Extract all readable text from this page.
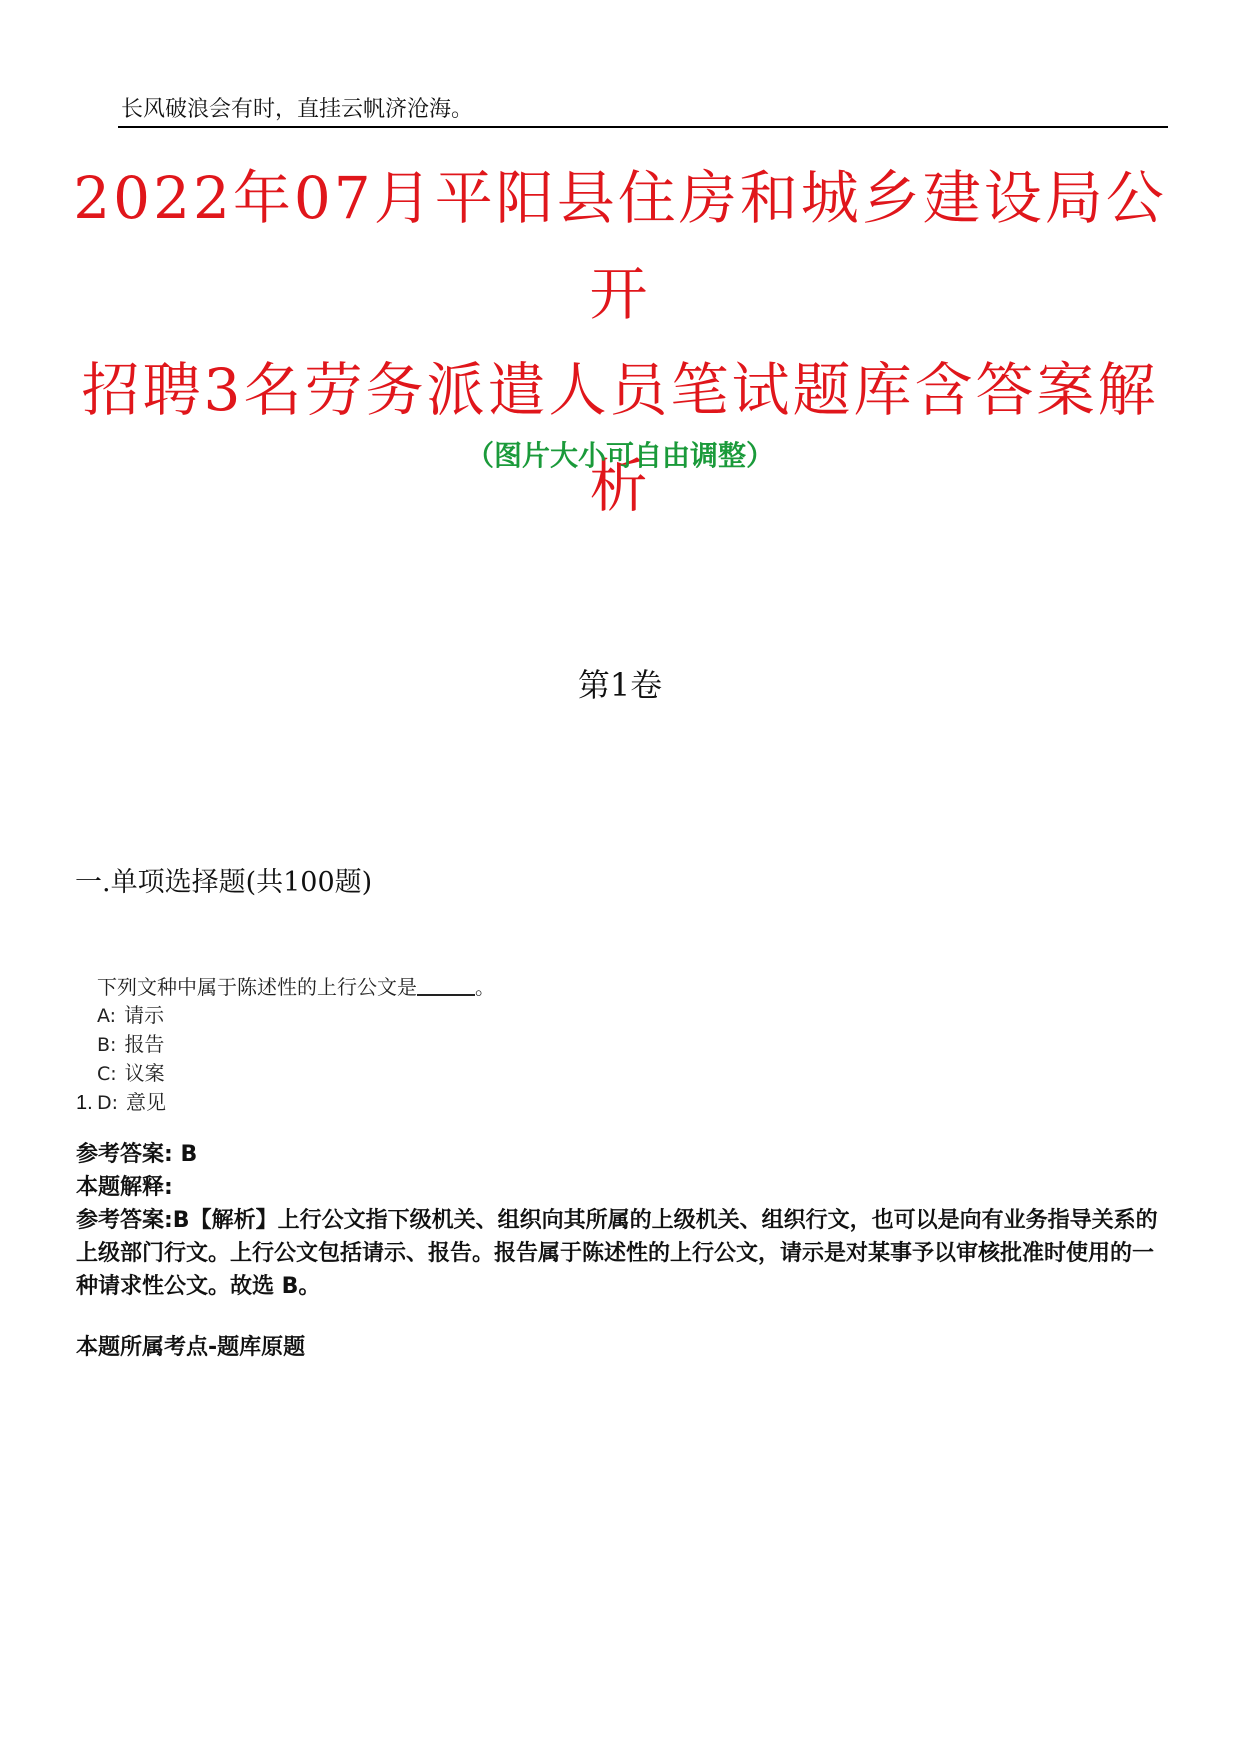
长风破浪会有时，直挂云帆济沧海。
2022年07月平阳县住房和城乡建设局公开
招聘3名劳务派遣人员笔试题库含答案解
析
（图片大小可自由调整）
第1卷
一.单项选择题(共100题)
下列文种中属于陈述性的上行公文是	。
A: 请示
B: 报告
C: 议案
D: 意见
1.
参考答案: B
本题解释:
参考答案:B【解析】上行公文指下级机关、组织向其所属的上级机关、组织行文，也可以是向有业务指导关系的上级部门行文。上行公文包括请示、报告。报告属于陈述性的上行公文，请示是对某事予以审核批准时使用的一种请求性公文。故选 B。
本题所属考点-题库原题
